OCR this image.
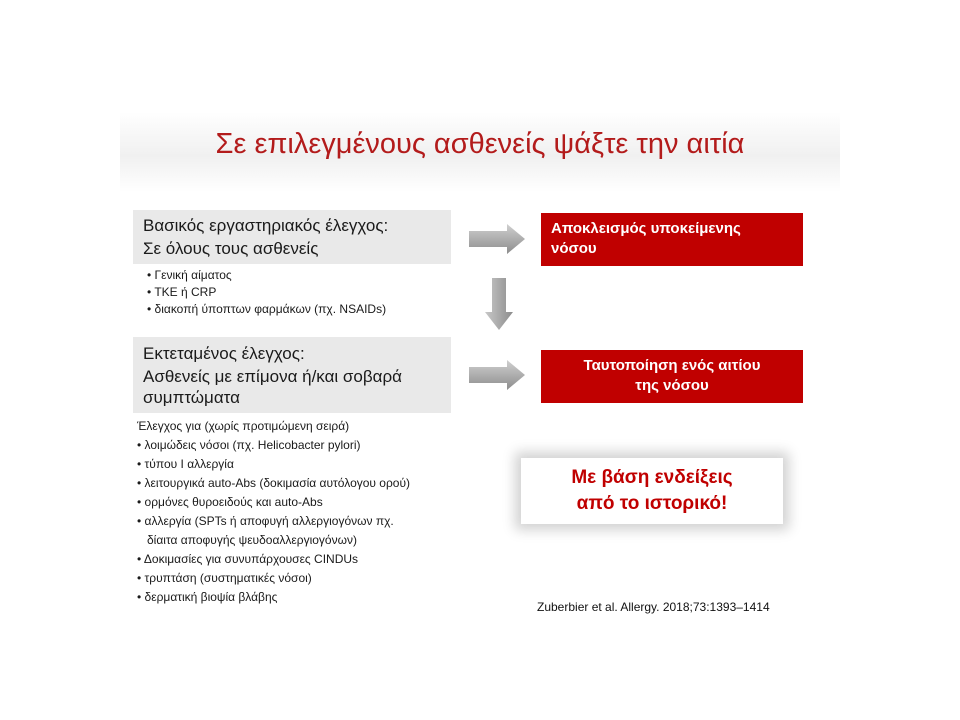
Σε επιλεγμένους ασθενείς ψάξτε την αιτία
Βασικός εργαστηριακός έλεγχος:
Σε όλους τους ασθενείς
• Γενική αίματος
• TKE ή CRP
• διακοπή ύποπτων φαρμάκων (πχ. NSAIDs)
Αποκλεισμός υποκείμενης
νόσου
Εκτεταμένος έλεγχος:
Ασθενείς με επίμονα ή/και σοβαρά
συμπτώματα
Ταυτοποίηση ενός αιτίου
της νόσου
Έλεγχος για (χωρίς προτιμώμενη σειρά)
• λοιμώδεις νόσοι (πχ. Helicobacter pylori)
• τύπου I αλλεργία
• λειτουργικά auto-Abs (δοκιμασία αυτόλογου ορού)
• ορμόνες θυροειδούς και auto-Abs
• αλλεργία (SPTs ή αποφυγή αλλεργιογόνων πχ.
δίαιτα αποφυγής ψευδοαλλεργιογόνων)
• Δοκιμασίες για συνυπάρχουσες CINDUs
• τρυπτάση (συστηματικές νόσοι)
• δερματική βιοψία βλάβης
Με βάση ενδείξεις
από το ιστορικό!
Zuberbier et al. Allergy. 2018;73:1393–1414
